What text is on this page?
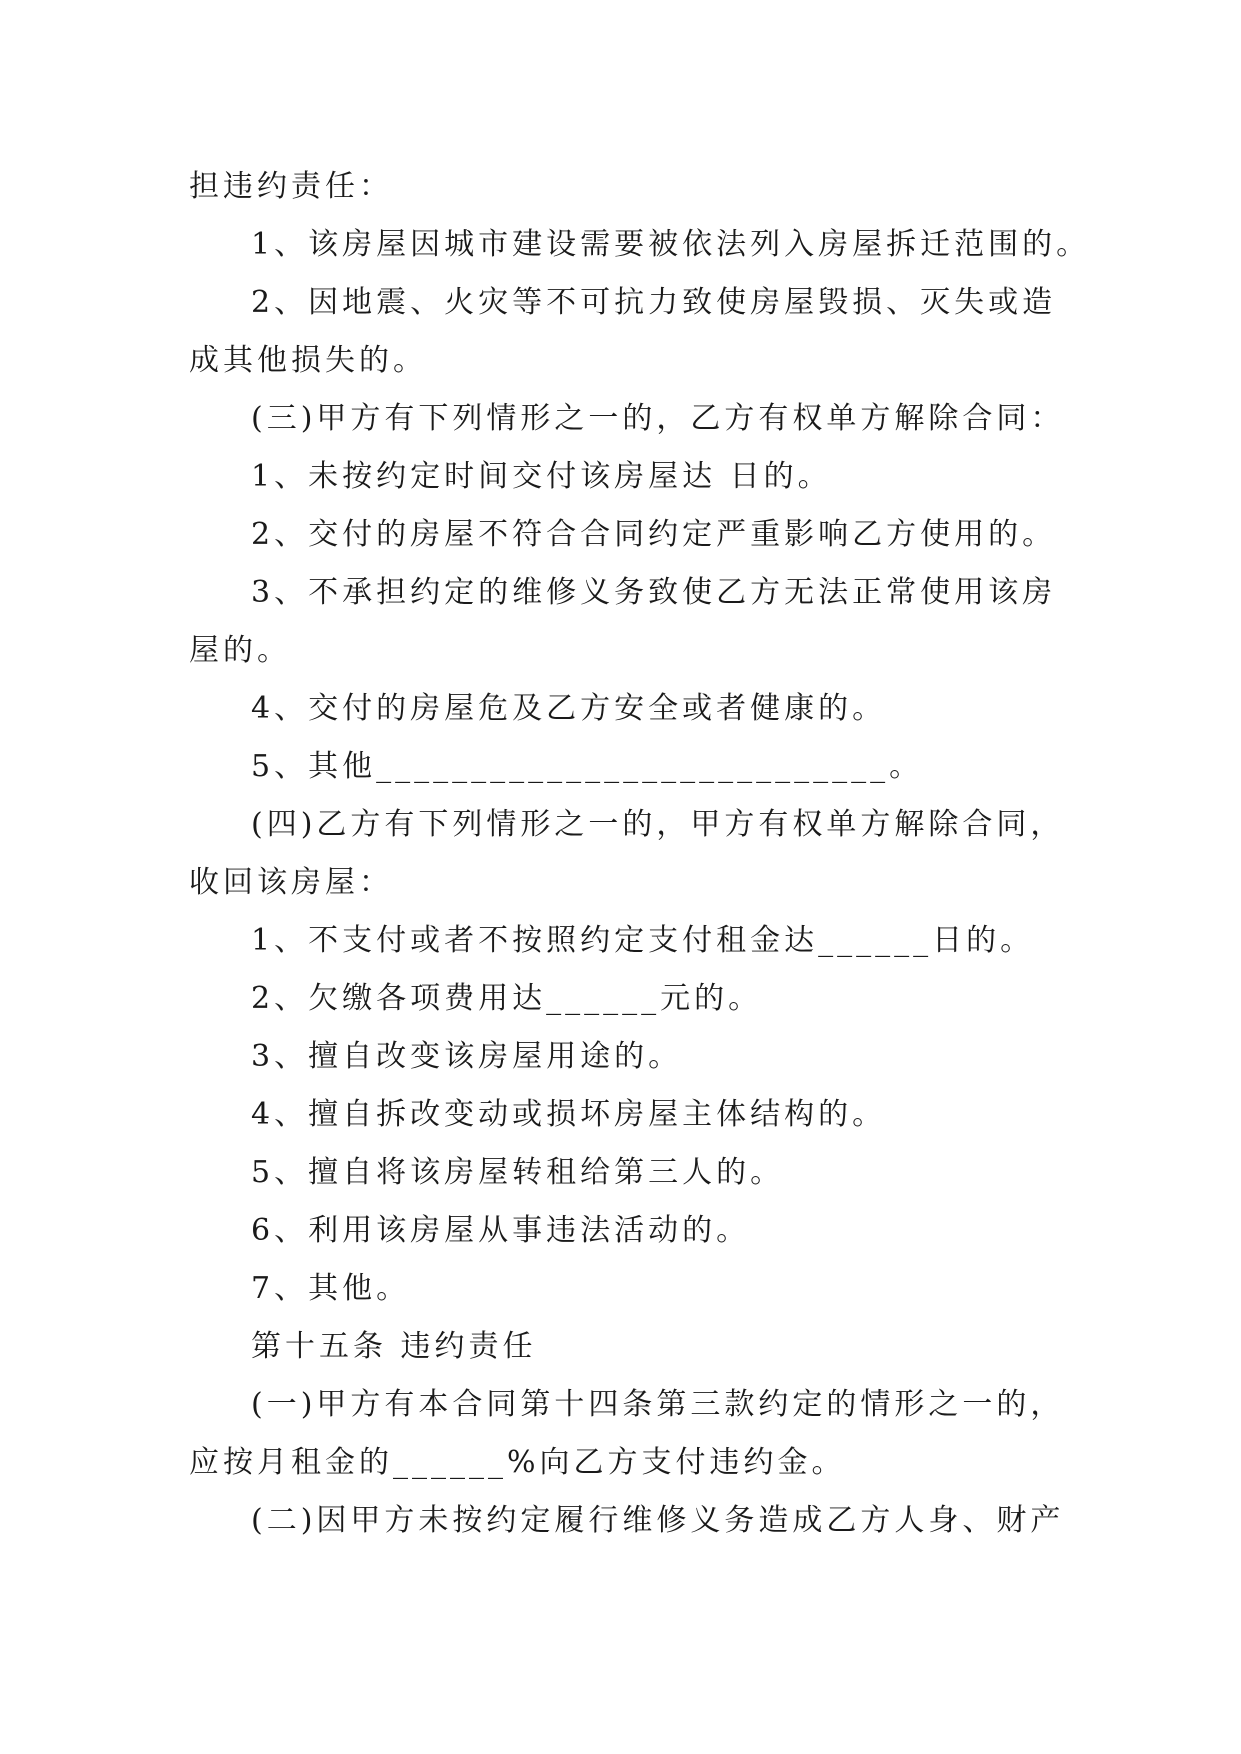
担违约责任：

1、该房屋因城市建设需要被依法列入房屋拆迁范围的。

2、因地震、火灾等不可抗力致使房屋毁损、灭失或造

成其他损失的。

(三)甲方有下列情形之一的，乙方有权单方解除合同：

1、未按约定时间交付该房屋达 日的。

2、交付的房屋不符合合同约定严重影响乙方使用的。

3、不承担约定的维修义务致使乙方无法正常使用该房

屋的。

4、交付的房屋危及乙方安全或者健康的。

5、其他___________________________。

(四)乙方有下列情形之一的，甲方有权单方解除合同，

收回该房屋：

1、不支付或者不按照约定支付租金达______日的。

2、欠缴各项费用达______元的。

3、擅自改变该房屋用途的。

4、擅自拆改变动或损坏房屋主体结构的。

5、擅自将该房屋转租给第三人的。

6、利用该房屋从事违法活动的。

7、其他。

第十五条 违约责任

(一)甲方有本合同第十四条第三款约定的情形之一的，

应按月租金的______%向乙方支付违约金。

(二)因甲方未按约定履行维修义务造成乙方人身、财产
